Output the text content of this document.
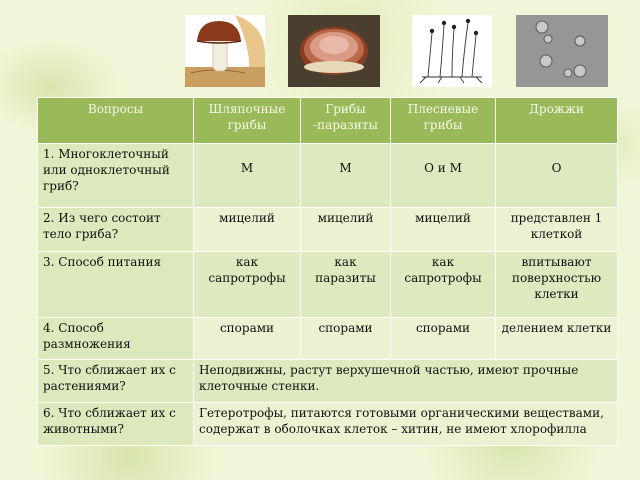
Вопросы	Шляпочные грибы	Грибы -паразиты	Плесневые грибы	Дрожжи
1. Многоклеточный или одноклеточный гриб?	М	М	О и М	О
2. Из чего состоит тело гриба?	мицелий	мицелий	мицелий	представлен 1 клеткой
3. Способ питания	как сапротрофы	как паразиты	как сапротрофы	впитывают поверхностью клетки
4. Способ размножения	спорами	спорами	спорами	делением клетки
5. Что сближает их с растениями?	Неподвижны, растут верхушечной частью, имеют прочные клеточные стенки.			
6. Что сближает их с животными?	Гетеротрофы, питаются готовыми органическими веществами, содержат в оболочках клеток – хитин, не имеют хлорофилла			
